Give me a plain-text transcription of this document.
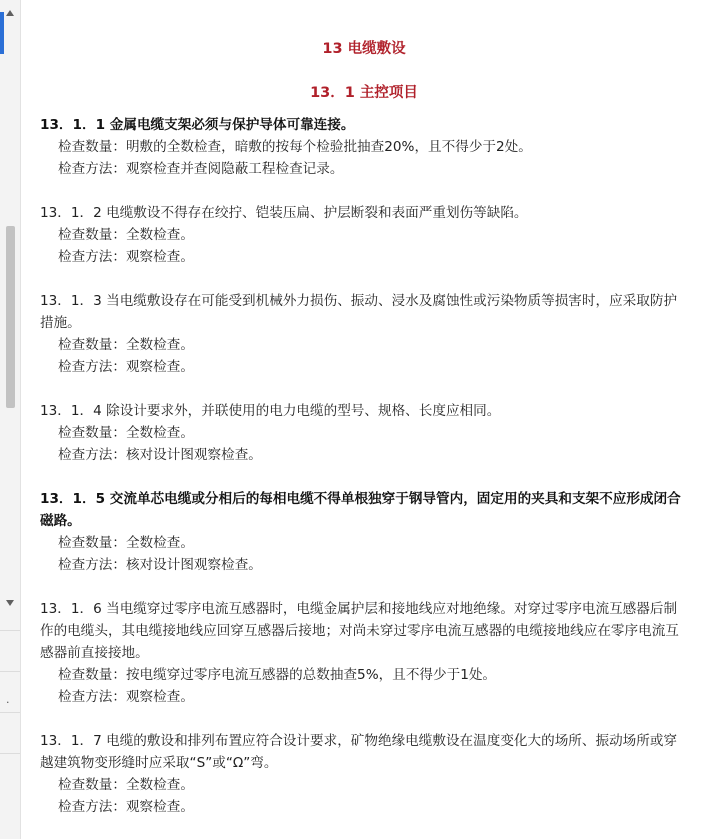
·

13 电缆敷设

13．1 主控项目

13．1．1 金属电缆支架必须与保护导体可靠连接。

检查数量：明敷的全数检查，暗敷的按每个检验批抽查20%，且不得少于2处。

检查方法：观察检查并查阅隐蔽工程检查记录。

13．1．2 电缆敷设不得存在绞拧、铠装压扁、护层断裂和表面严重划伤等缺陷。

检查数量：全数检查。

检查方法：观察检查。

13．1．3 当电缆敷设存在可能受到机械外力损伤、振动、浸水及腐蚀性或污染物质等损害时，应采取防护措施。

检查数量：全数检查。

检查方法：观察检查。

13．1．4 除设计要求外，并联使用的电力电缆的型号、规格、长度应相同。

检查数量：全数检查。

检查方法：核对设计图观察检查。

13．1．5 交流单芯电缆或分相后的每相电缆不得单根独穿于钢导管内，固定用的夹具和支架不应形成闭合磁路。

检查数量：全数检查。

检查方法：核对设计图观察检查。

13．1．6 当电缆穿过零序电流互感器时，电缆金属护层和接地线应对地绝缘。对穿过零序电流互感器后制作的电缆头，其电缆接地线应回穿互感器后接地；对尚未穿过零序电流互感器的电缆接地线应在零序电流互感器前直接接地。

检查数量：按电缆穿过零序电流互感器的总数抽查5%，且不得少于1处。

检查方法：观察检查。

13．1．7 电缆的敷设和排列布置应符合设计要求，矿物绝缘电缆敷设在温度变化大的场所、振动场所或穿越建筑物变形缝时应采取“S”或“Ω”弯。

检查数量：全数检查。

检查方法：观察检查。
